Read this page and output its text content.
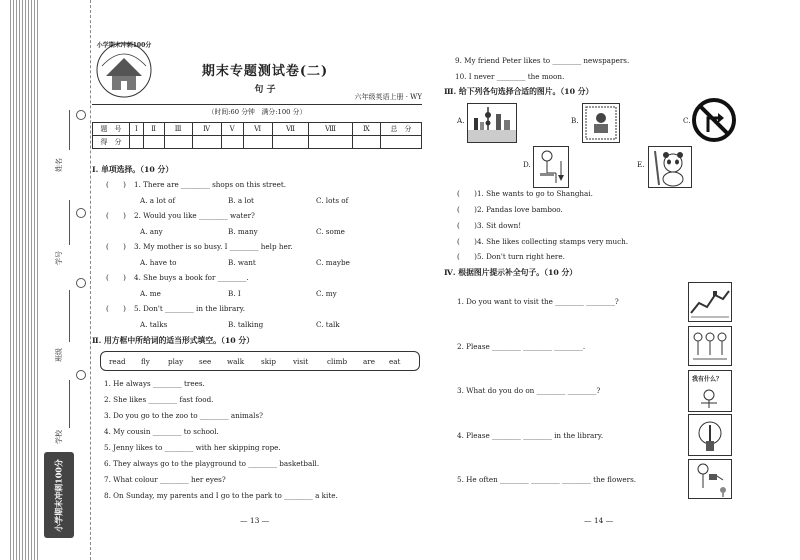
姓名
学号
班级
学校
小学期末冲刺100分
小学期末冲刺100分
期末专题测试卷(二)
句 子
六年级英语上册 · WY
（时间:60 分钟　满分:100 分）
题　号	Ⅰ	Ⅱ	Ⅲ	Ⅳ	Ⅴ	Ⅵ	Ⅶ	Ⅷ	Ⅸ	总　分
得　分										
Ⅰ. 单项选择。（10 分）
(　　) 1. There are ________ shops on this street.
A. a lot of	B. a lot	C. lots of
(　　) 2. Would you like ________ water?
A. any	B. many	C. some
(　　) 3. My mother is so busy. I ________ help her.
A. have to	B. want	C. maybe
(　　) 4. She buys a book for ________.
A. me	B. I	C. my
(　　) 5. Don't ________ in the library.
A. talks	B. talking	C. talk
Ⅱ. 用方框中所给词的适当形式填空。（10 分）
read fly	play see walk skip visit	climb are eat
1. He always ________ trees.
2. She likes ________ fast food.
3. Do you go to the zoo to ________ animals?
4. My cousin ________ to school.
5. Jenny likes to ________ with her skipping rope.
6. They always go to the playground to ________ basketball.
7. What colour ________ her eyes?
8. On Sunday, my parents and I go to the park to ________ a kite.
— 13 —
9. My friend Peter likes to ________ newspapers.
10. I never ________ the moon.
Ⅲ. 给下列各句选择合适的图片。（10 分）
A.	B.	C.
D.	E.
(　　)1. She wants to go to Shanghai.
(　　)2. Pandas love bamboo.
(　　)3. Sit down!
(　　)4. She likes collecting stamps very much.
(　　)5. Don't turn right here.
Ⅳ. 根据图片提示补全句子。（10 分）
1. Do you want to visit the ________ ________?
2. Please ________ ________ ________.
3. What do you do on ________ ________?
我有什么？
4. Please ________ ________ in the library.
5. He often ________ ________ ________ the flowers.
— 14 —
